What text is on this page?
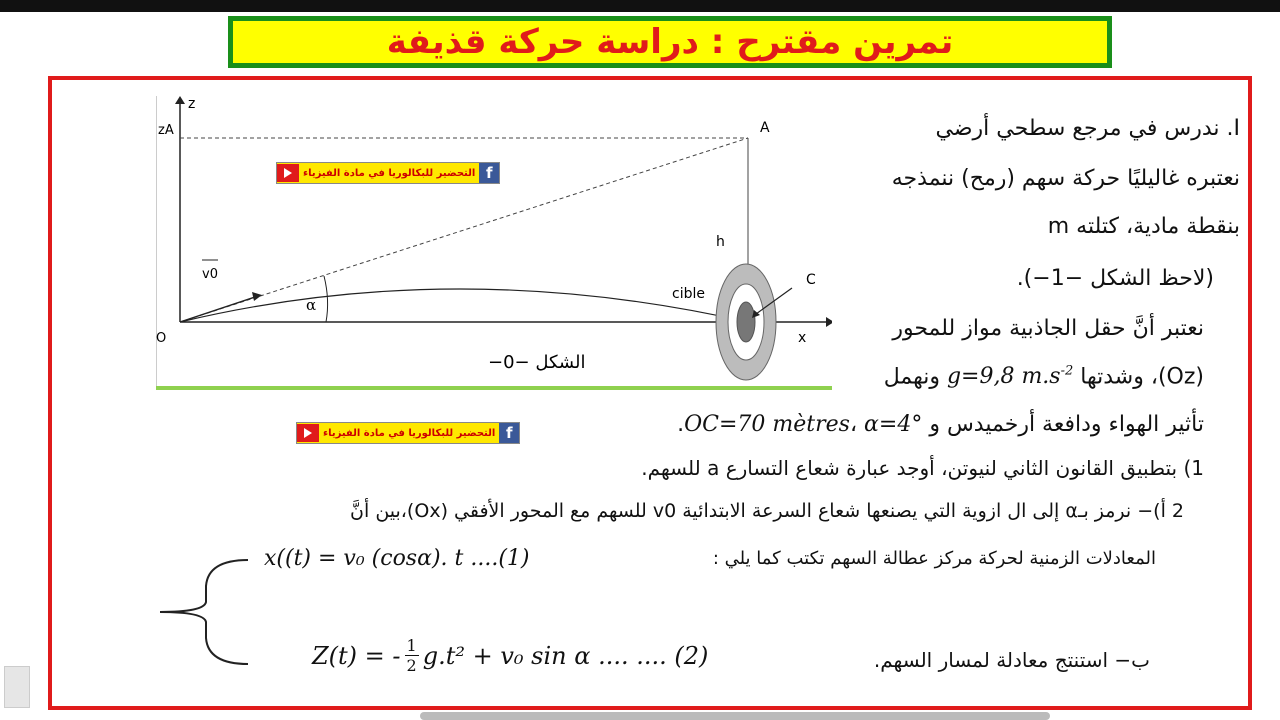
تمرين مقترح : دراسة حركة قذيفة
z
zA	A
h
v0
α
cible
C
O	x
الشكل −0−
التحضير للبكالوريا في مادة الفيزياء f
التحضير للبكالوريا في مادة الفيزياء f
I. ندرس في مرجع سطحي أرضي
نعتبره غاليليًا حركة سهم (رمح) ننمذجه
بنقطة مادية، كتلته m
(لاحظ الشكل −1−).
نعتبر أنَّ حقل الجاذبية مواز للمحور
(Oz)، وشدتها g=9,8 $m.s^{-2}$ ونهمل
تأثير الهواء ودافعة أرخميدس و OC=70 mètres، α=4°.
1) بتطبيق القانون الثاني لنيوتن، أوجد عبارة شعاع التسارع a للسهم.
2 أ)− نرمز بـα إلى ال ازوية التي يصنعها شعاع السرعة الابتدائية v0 للسهم مع المحور الأفقي (Ox)،بين أنَّ
المعادلات الزمنية لحركة مركز عطالة السهم تكتب كما يلي :
x((t) = v₀ (cosα). t ....(1)
Z(t) = - $\frac{1}{2} g.t^2 + v_0$ sin α .... .... (2)	ب− استنتج معادلة لمسار السهم.
